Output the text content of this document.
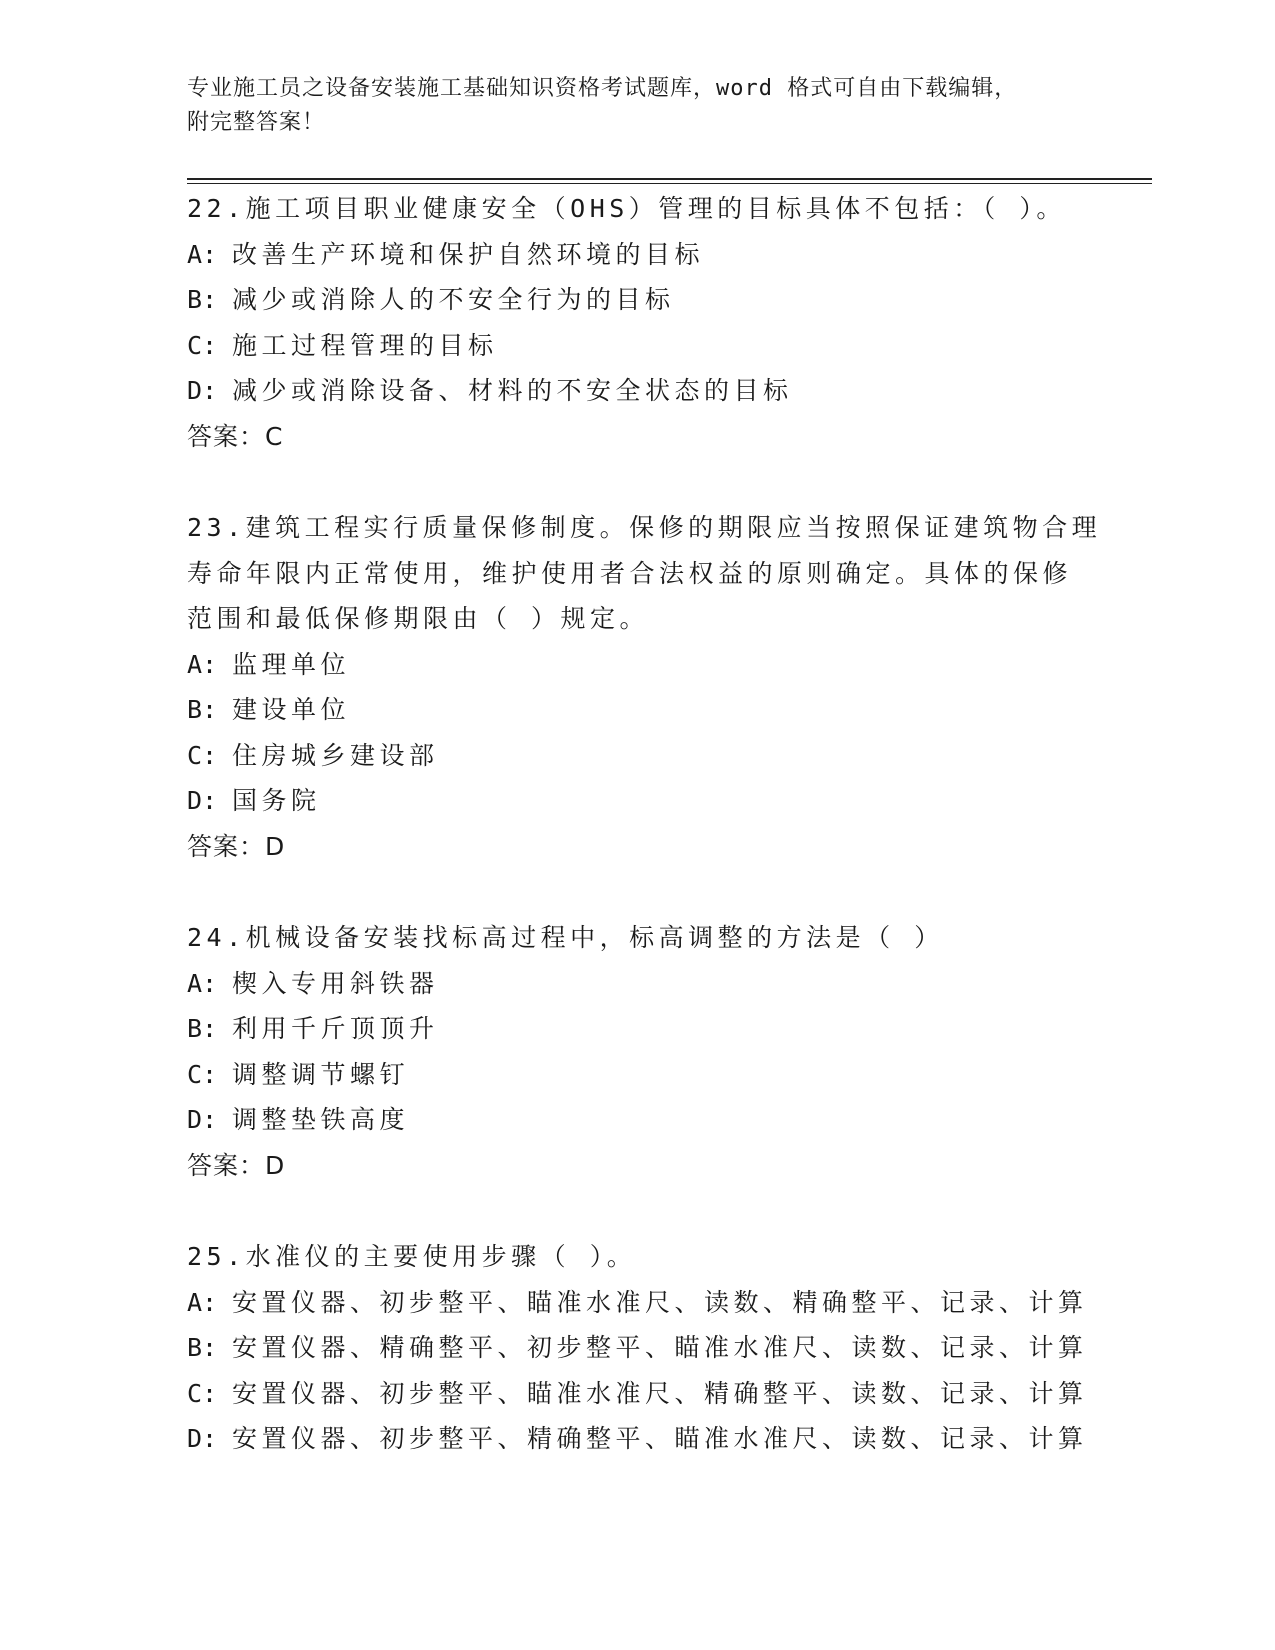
专业施工员之设备安装施工基础知识资格考试题库，word 格式可自由下载编辑，
附完整答案！
22.施工项目职业健康安全（OHS）管理的目标具体不包括：（ ）。
A: 改善生产环境和保护自然环境的目标
B: 减少或消除人的不安全行为的目标
C: 施工过程管理的目标
D: 减少或消除设备、材料的不安全状态的目标
答案：C
23.建筑工程实行质量保修制度。保修的期限应当按照保证建筑物合理
寿命年限内正常使用，维护使用者合法权益的原则确定。具体的保修
范围和最低保修期限由（ ）规定。
A: 监理单位
B: 建设单位
C: 住房城乡建设部
D: 国务院
答案：D
24.机械设备安装找标高过程中，标高调整的方法是（ ）
A: 楔入专用斜铁器
B: 利用千斤顶顶升
C: 调整调节螺钉
D: 调整垫铁高度
答案：D
25.水准仪的主要使用步骤（ ）。
A: 安置仪器、初步整平、瞄准水准尺、读数、精确整平、记录、计算
B: 安置仪器、精确整平、初步整平、瞄准水准尺、读数、记录、计算
C: 安置仪器、初步整平、瞄准水准尺、精确整平、读数、记录、计算
D: 安置仪器、初步整平、精确整平、瞄准水准尺、读数、记录、计算
